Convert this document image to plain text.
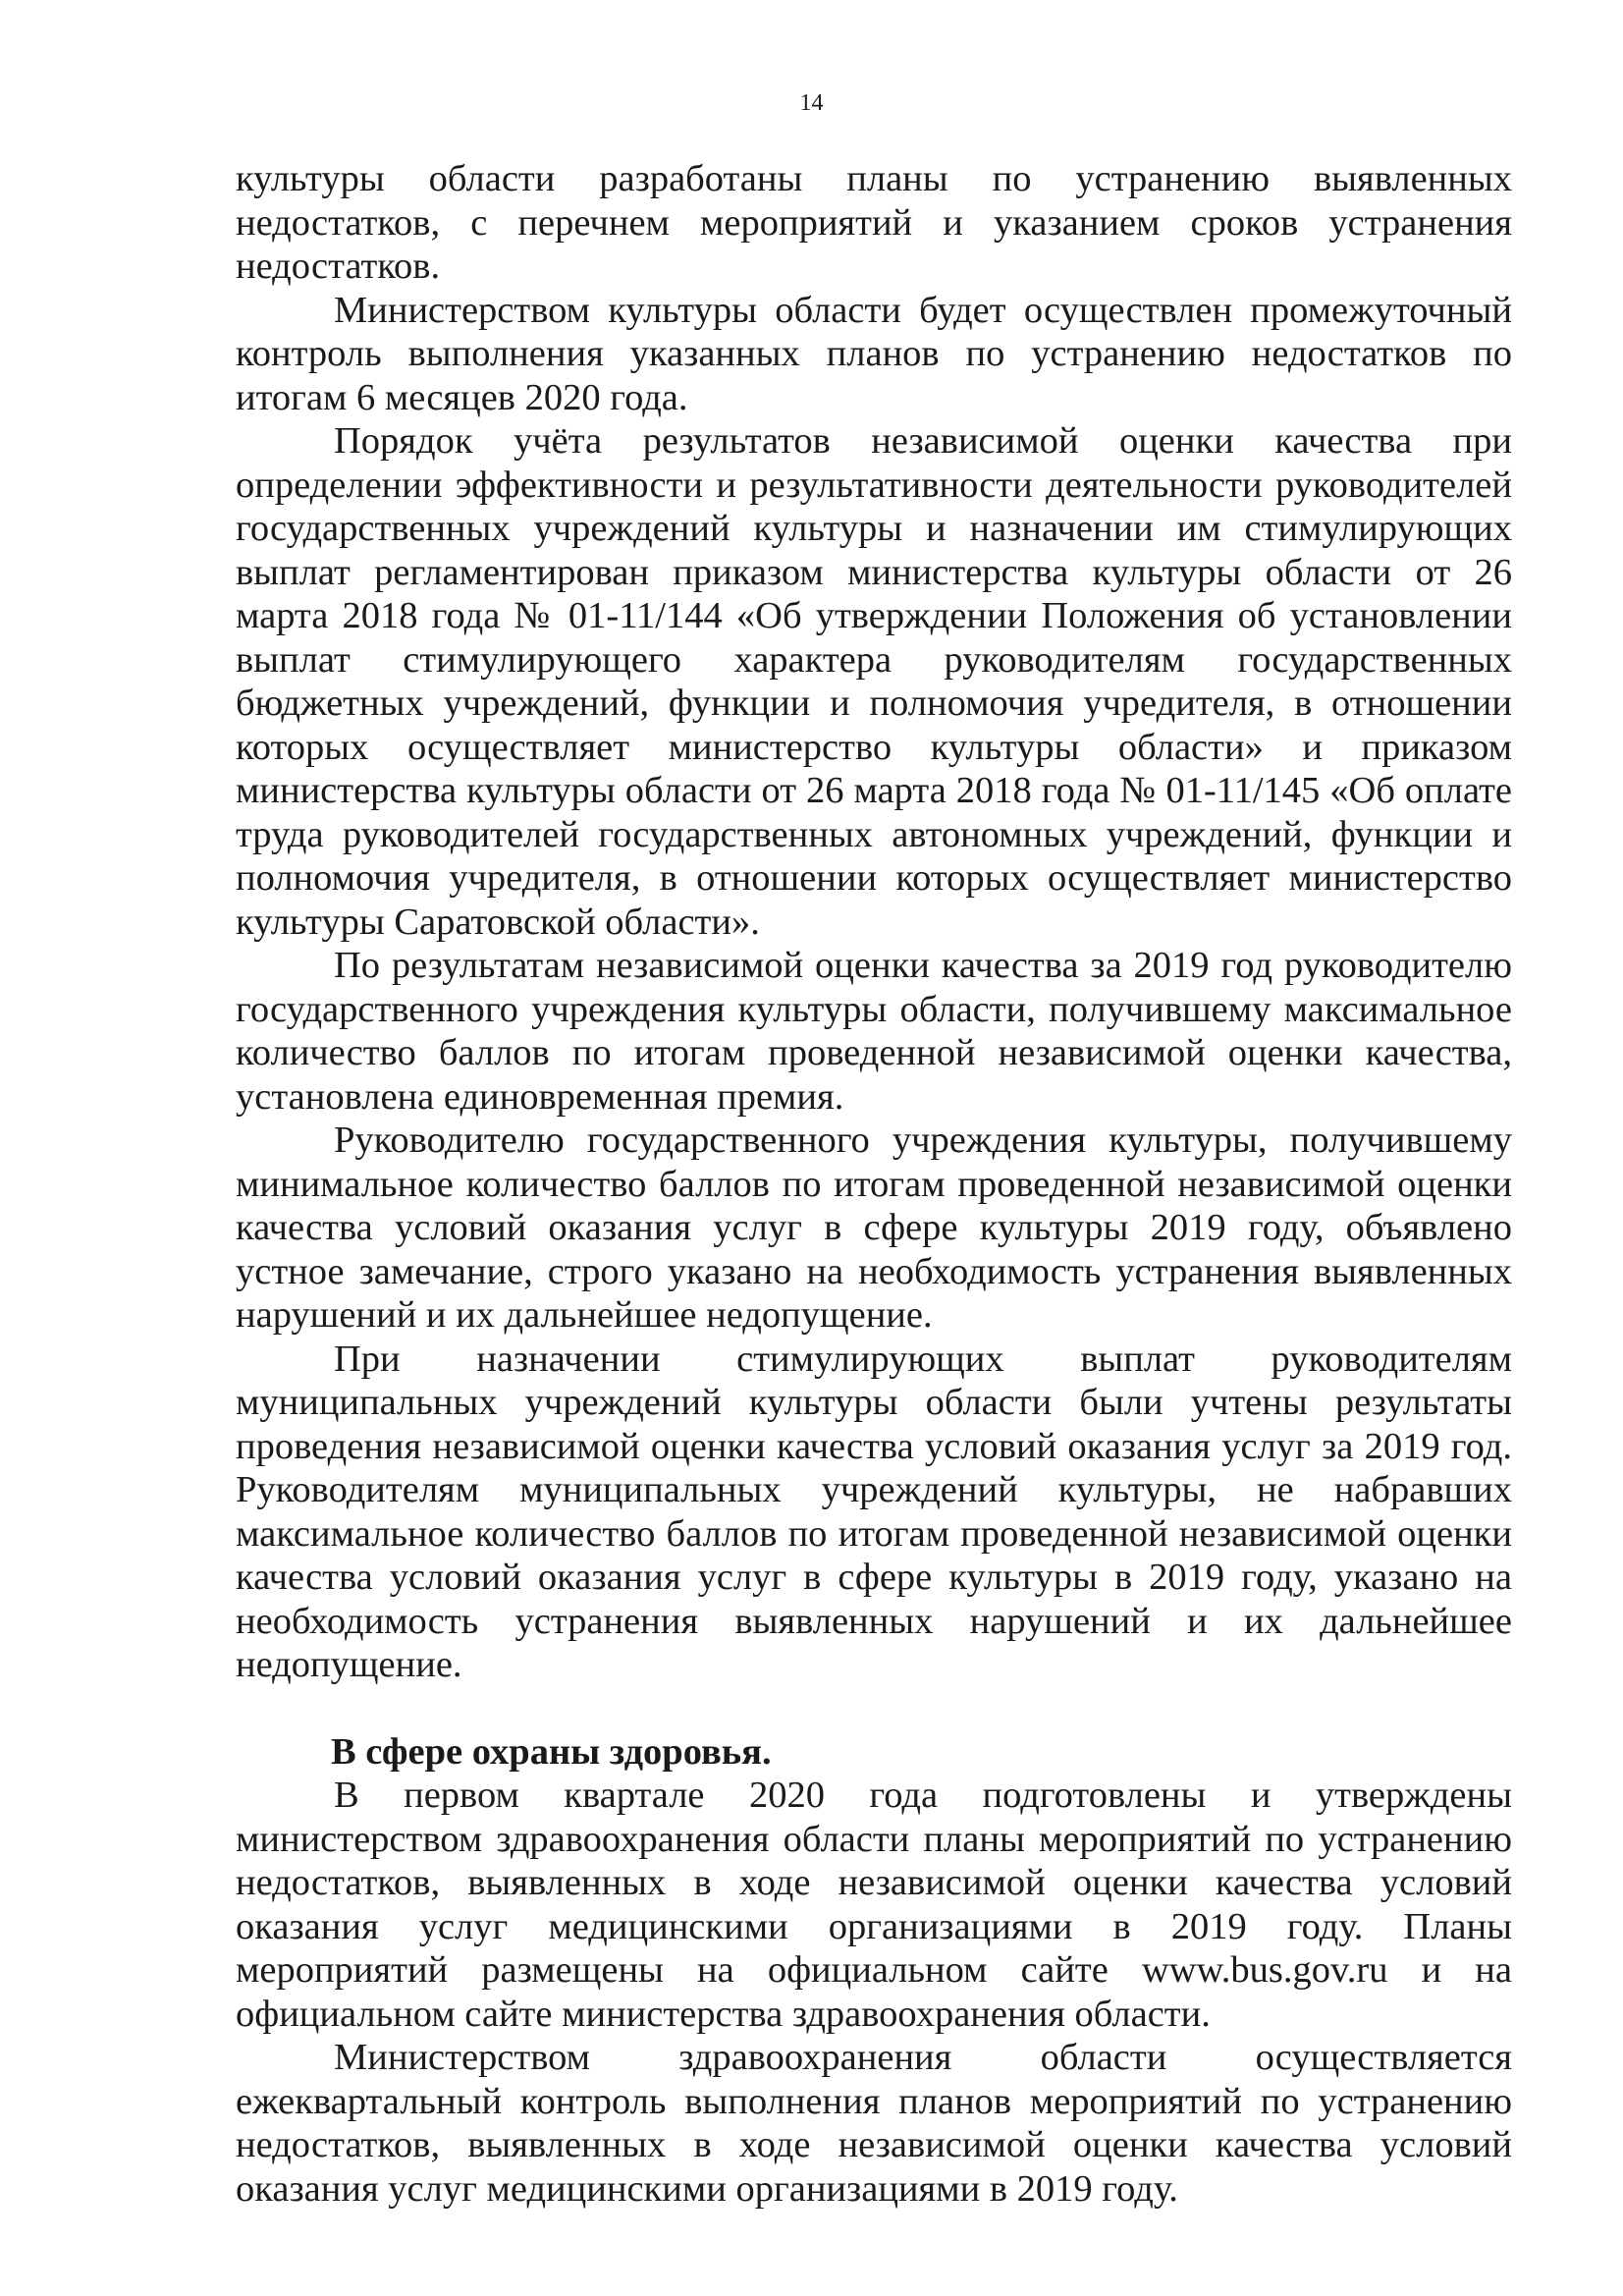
14

культуры области разработаны планы по устранению выявленных недостатков, с перечнем мероприятий и указанием сроков устранения недостатков.

Министерством культуры области будет осуществлен промежуточный контроль выполнения указанных планов по устранению недостатков по итогам 6 месяцев 2020 года.

Порядок учёта результатов независимой оценки качества при определении эффективности и результативности деятельности руководителей государственных учреждений культуры и назначении им стимулирующих выплат регламентирован приказом министерства культуры области от 26 марта 2018 года № 01-11/144 «Об утверждении Положения об установлении выплат стимулирующего характера руководителям государственных бюджетных учреждений, функции и полномочия учредителя, в отношении которых осуществляет министерство культуры области» и приказом министерства культуры области от 26 марта 2018 года № 01-11/145 «Об оплате труда руководителей государственных автономных учреждений, функции и полномочия учредителя, в отношении которых осуществляет министерство культуры Саратовской области».

По результатам независимой оценки качества за 2019 год руководителю государственного учреждения культуры области, получившему максимальное количество баллов по итогам проведенной независимой оценки качества, установлена единовременная премия.

Руководителю государственного учреждения культуры, получившему минимальное количество баллов по итогам проведенной независимой оценки качества условий оказания услуг в сфере культуры 2019 году, объявлено устное замечание, строго указано на необходимость устранения выявленных нарушений и их дальнейшее недопущение.

При назначении стимулирующих выплат руководителям муниципальных учреждений культуры области были учтены результаты проведения независимой оценки качества условий оказания услуг за 2019 год. Руководителям муниципальных учреждений культуры, не набравших максимальное количество баллов по итогам проведенной независимой оценки качества условий оказания услуг в сфере культуры в 2019 году, указано на необходимость устранения выявленных нарушений и их дальнейшее недопущение.

В сфере охраны здоровья.

В первом квартале 2020 года подготовлены и утверждены министерством здравоохранения области планы мероприятий по устранению недостатков, выявленных в ходе независимой оценки качества условий оказания услуг медицинскими организациями в 2019 году. Планы мероприятий размещены на официальном сайте www.bus.gov.ru и на официальном сайте министерства здравоохранения области.

Министерством здравоохранения области осуществляется ежеквартальный контроль выполнения планов мероприятий по устранению недостатков, выявленных в ходе независимой оценки качества условий оказания услуг медицинскими организациями в 2019 году.
